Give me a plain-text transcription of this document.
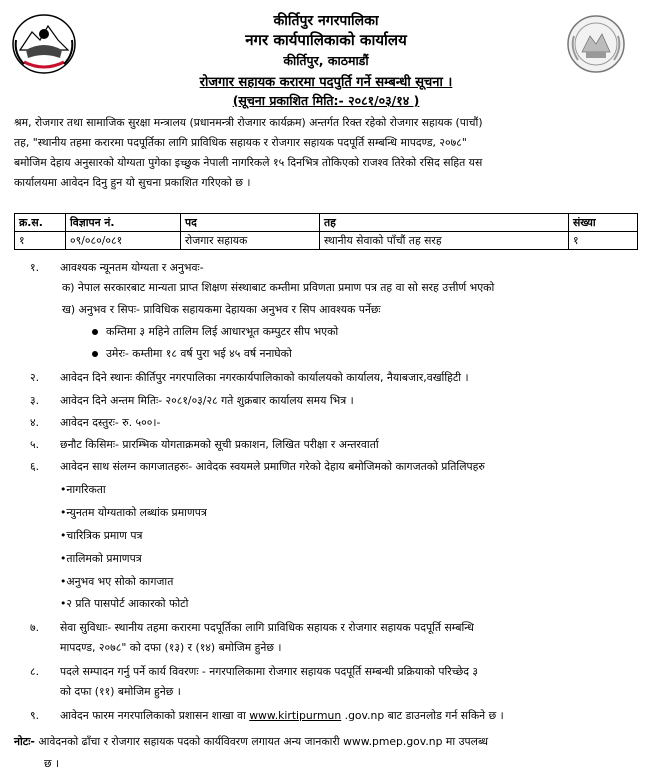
कीर्तिपुर नगरपालिका
नगर कार्यपालिकाको कार्यालय
कीर्तिपुर, काठमाडौं
रोजगार सहायक करारमा पदपुर्ति गर्ने सम्बन्धी सूचना ।
(सूचना प्रकाशित मिति:- २०८१/०३/१४ )
श्रम, रोजगार तथा सामाजिक सुरक्षा मन्त्रालय (प्रधानमन्त्री रोजगार कार्यक्रम) अन्तर्गत रिक्त रहेको रोजगार सहायक (पाचौं)
तह, "स्थानीय तहमा करारमा पदपूर्तिका लागि प्राविधिक सहायक र रोजगार सहायक पदपूर्ति सम्बन्धि मापदण्ड, २०७८"
बमोजिम देहाय अनुसारको योग्यता पुगेका इच्छुक नेपाली नागरिकले १५ दिनभित्र तोकिएको राजश्व तिरेको रसिद सहित यस
कार्यालयमा आवेदन दिनु हुन यो सुचना प्रकाशित गरिएको छ ।
क्र.स.	विज्ञापन नं.	पद	तह	संख्या
१	०९/०८०/०८१	रोजगार सहायक	स्थानीय सेवाको पाँचौं तह सरह	१
१. आवश्यक न्यूनतम योग्यता र अनुभवः-
क) नेपाल सरकारबाट मान्यता प्राप्त शिक्षण संस्थाबाट कम्तीमा प्रविणता प्रमाण पत्र तह वा सो सरह उत्तीर्ण भएको
ख) अनुभव र सिपः- प्राविधिक सहायकमा देहायका अनुभव र सिप आवश्यक पर्नेछः
कम्तिमा ३ महिने तालिम लिई आधारभूत कम्पुटर सीप भएको
उमेरः- कम्तीमा १८ वर्ष पुरा भई ४५ वर्ष ननाघेको
२. आवेदन दिने स्थानः कीर्तिपुर नगरपालिका नगरकार्यपालिकाको कार्यालयको कार्यालय, नैयाबजार,वर्खाहिटी ।
३. आवेदन दिने अन्तम मितिः- २०८१/०३/२८ गते शुक्रबार कार्यालय समय भित्र ।
४. आवेदन दस्तुरः- रु. ५००।-
५. छनौट किसिमः- प्रारम्भिक योगताक्रमको सूची प्रकाशन, लिखित परीक्षा र अन्तरवार्ता
६. आवेदन साथ संलग्न कागजातहरुः- आवेदक स्वयमले प्रमाणित गरेको देहाय बमोजिमको कागजतको प्रतिलिपहरु
•नागरिकता
•न्युनतम योग्यताको लब्धांक प्रमाणपत्र
•चारित्रिक प्रमाण पत्र
•तालिमको प्रमाणपत्र
•अनुभव भए सोको कागजात
•२ प्रति पासपोर्ट आकारको फोटो
७. सेवा सुविधाः- स्थानीय तहमा करारमा पदपूर्तिका लागि प्राविधिक सहायक र रोजगार सहायक पदपूर्ति सम्बन्धि
मापदण्ड, २०७८" को दफा (१३) र (१४) बमोजिम हुनेछ ।
८. पदले सम्पादन गर्नु पर्ने कार्य विवरणः - नगरपालिकामा रोजगार सहायक पदपूर्ति सम्बन्धी प्रक्रियाको परिच्छेद ३
को दफा (११) बमोजिम हुनेछ ।
९. आवेदन फारम नगरपालिकाको प्रशासन शाखा वा www.kirtipurmun .gov.np बाट डाउनलोड गर्न सकिने छ ।
नोटः- आवेदनको ढाँचा र रोजगार सहायक पदको कार्यविवरण लगायत अन्य जानकारी www.pmep.gov.np मा उपलब्ध
छ ।
